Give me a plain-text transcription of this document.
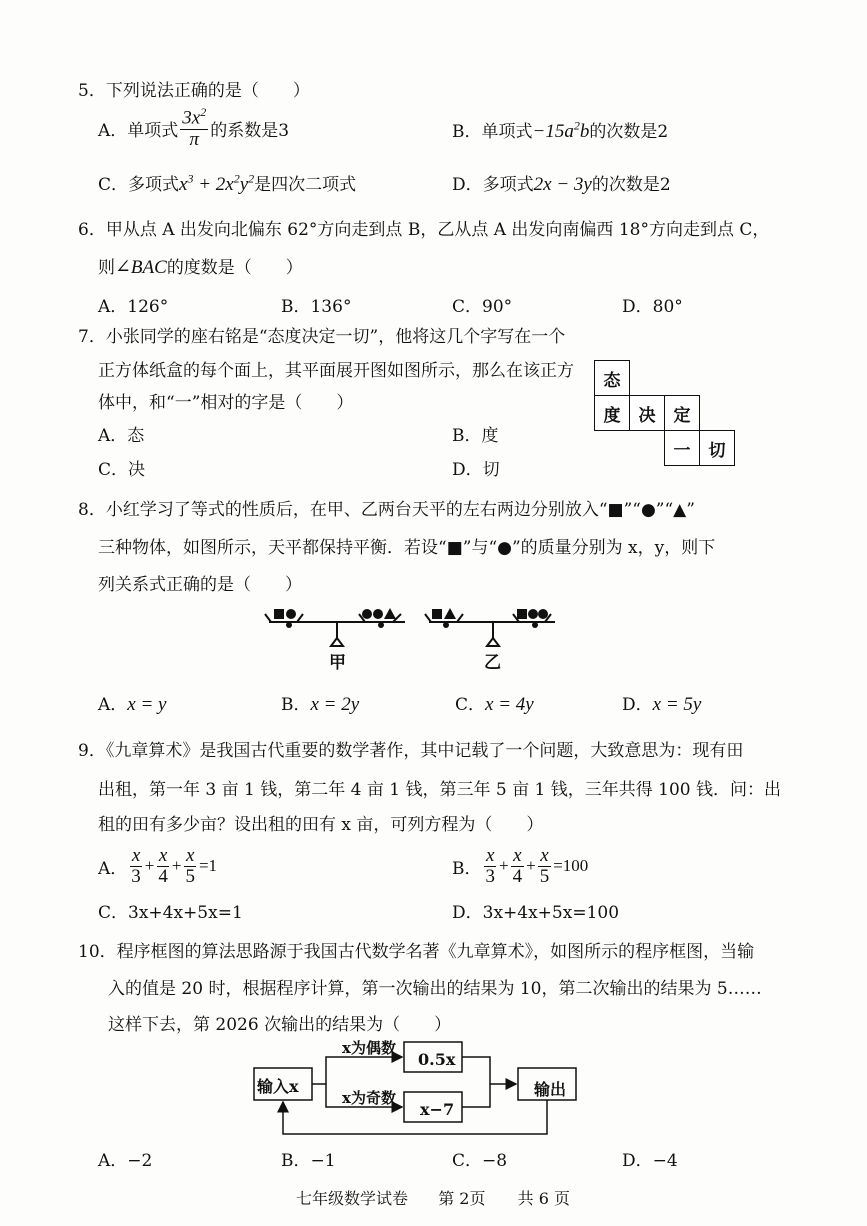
5．下列说法正确的是（　　）
A．单项式 $\frac{3x^2}{\pi}$ 的系数是3	B．单项式$-15a^2b$的次数是2
C．多项式$x^3 + 2x^2y^2$是四次二项式	D．多项式2x − 3y的次数是2
6．甲从点 A 出发向北偏东 62°方向走到点 B，乙从点 A 出发向南偏西 18°方向走到点 C，
则∠BAC的度数是（　　）
A．126°	B．136°	C．90°	D．80°
7．小张同学的座右铭是“态度决定一切”，他将这几个字写在一个
正方体纸盒的每个面上，其平面展开图如图所示，那么在该正方
体中，和“一”相对的字是（　　）
A．态	B．度
C．决	D．切
态
度	决	定
一	切
8．小红学习了等式的性质后，在甲、乙两台天平的左右两边分别放入“■”“●”“▲”
三种物体，如图所示，天平都保持平衡．若设“■”与“●”的质量分别为 x，y，则下
列关系式正确的是（　　）
甲	乙
A．x = y	B．x = 2y	C．x = 4y	D．x = 5y
9．《九章算术》是我国古代重要的数学著作，其中记载了一个问题，大致意思为：现有田
出租，第一年 3 亩 1 钱，第二年 4 亩 1 钱，第三年 5 亩 1 钱，三年共得 100 钱．问：出
租的田有多少亩？设出租的田有 x 亩，可列方程为（　　）
A． $\frac{x}{3} + \frac{x}{4} + \frac{x}{5} =1$	B． $\frac{x}{3} + \frac{x}{4} + \frac{x}{5} =100$
C．3x+4x+5x=1	D．3x+4x+5x=100
10．程序框图的算法思路源于我国古代数学名著《九章算术》，如图所示的程序框图，当输
入的值是 20 时，根据程序计算，第一次输出的结果为 10，第二次输出的结果为 5……
这样下去，第 2026 次输出的结果为（　　）
输入x
x为偶数
x为奇数
0.5x
x−7
输出
A．−2	B．−1	C．−8	D．−4
七年级数学试卷 第 2页 共 6 页
